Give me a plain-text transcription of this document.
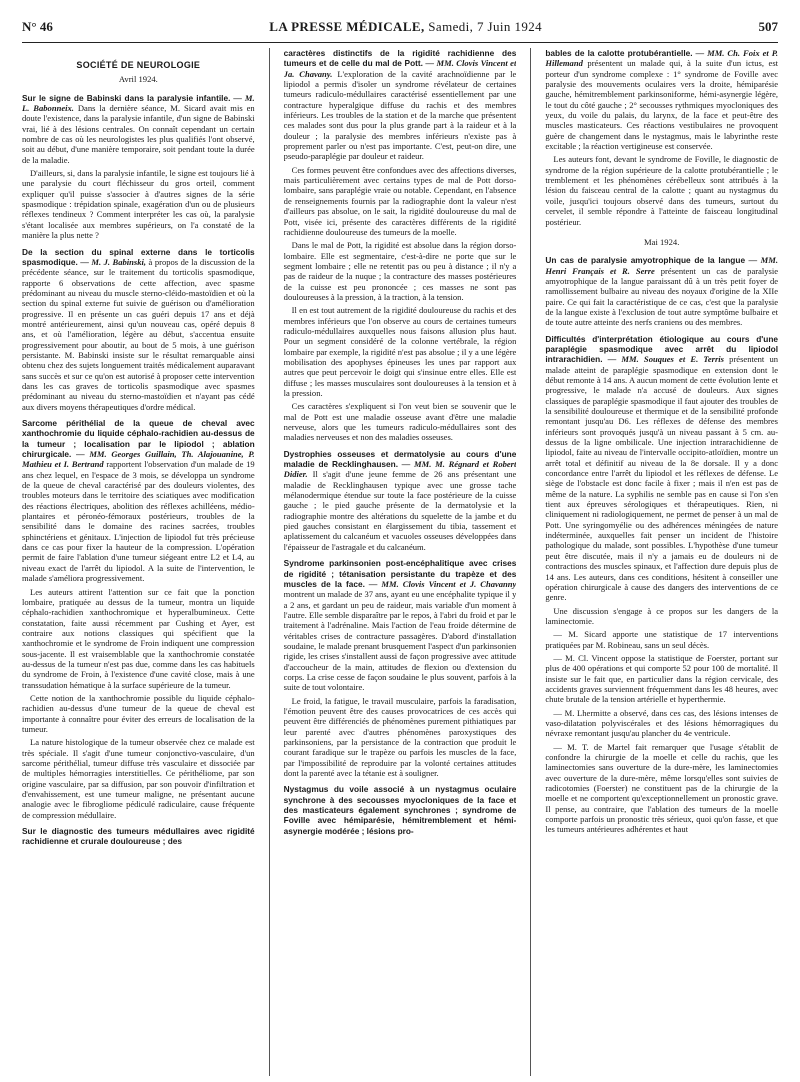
N° 46	LA PRESSE MÉDICALE, Samedi, 7 Juin 1924	507
SOCIÉTÉ DE NEUROLOGIE
Avril 1924.

Sur le signe de Babinski dans la paralysie infantile. — M. L. Babonneix. Dans la dernière séance, M. Sicard avait mis en doute l'existence, dans la paralysie infantile, d'un signe de Babinski vrai, lié à des lésions centrales. On connaît cependant un certain nombre de cas où les neurologistes les plus qualifiés l'ont observé, soit au début, d'une manière temporaire, soit pendant toute la durée de la maladie.

D'ailleurs, si, dans la paralysie infantile, le signe est toujours lié à une paralysie du court fléchisseur du gros orteil, comment expliquer qu'il puisse s'associer à d'autres signes de la série spasmodique : trépidation spinale, exagération d'un ou de plusieurs réflexes tendineux ? Comment interpréter les cas où, la paralysie s'étant localisée aux membres supérieurs, on l'a constaté de la manière la plus nette ?

De la section du spinal externe dans le torticolis spasmodique. — M. J. Babinski, à propos de la discussion de la précédente séance, sur le traitement du torticolis spasmodique, rapporte 6 observations de cette affection, avec spasme prédominant au niveau du muscle sterno-cléido-mastoïdien et où la section du spinal externe fut suivie de guérison ou d'amélioration progressive. Il en présente un cas guéri depuis 17 ans et déjà montré antérieurement, ainsi qu'un nouveau cas, opéré depuis 8 ans, et où l'amélioration, légère au début, s'accentua ensuite progressivement pour aboutir, au bout de 5 mois, à une guérison persistante. M. Babinski insiste sur le résultat remarquable ainsi obtenu chez des sujets longuement traités médicalement auparavant sans succès et sur ce qu'on est autorisé à proposer cette intervention dans les cas graves de torticolis spasmodique avec spasmes prédominant au niveau du sterno-mastoïdien et n'ayant pas cédé aux divers moyens thérapeutiques d'ordre médical.

Sarcome périthélial de la queue de cheval avec xanthochromie du liquide céphalo-rachidien au-dessus de la tumeur ; localisation par le lipiodol ; ablation chirurgicale. — MM. Georges Guillain, Th. Alajouanine, P. Mathieu et I. Bertrand rapportent l'observation d'un malade de 19 ans chez lequel, en l'espace de 3 mois, se développa un syndrome de la queue de cheval caractérisé par des douleurs violentes, des troubles moteurs dans le territoire des sciatiques avec modification des réactions électriques, abolition des réflexes achilléens, médio-plantaires et péronéo-fémoraux postérieurs, troubles de la sensibilité dans le domaine des racines sacrées, troubles sphinctériens et génitaux. L'injection de lipiodol fut très précieuse dans ce cas pour fixer la hauteur de la compression. L'opération permit de faire l'ablation d'une tumeur siégeant entre L2 et L4, au niveau exact de l'arrêt du lipiodol. A la suite de l'intervention, le malade s'améliora progressivement.

Les auteurs attirent l'attention sur ce fait que la ponction lombaire, pratiquée au dessus de la tumeur, montra un liquide céphalo-rachidien xanthochromique et hyperalbumineux. Cette constatation, faite aussi récemment par Cushing et Ayer, est contraire aux notions classiques qui spécifient que la xanthochromie et le syndrome de Froin indiquent une compression sous-jacente. Il est vraisemblable que la xanthochromie constatée au-dessus de la tumeur n'est pas due, comme dans les cas habituels du syndrome de Froin, à l'existence d'une cavité close, mais à une transsudation hématique à la surface supérieure de la tumeur.

Cette notion de la xanthochromie possible du liquide céphalo-rachidien au-dessus d'une tumeur de la queue de cheval est importante à connaître pour éviter des erreurs de localisation de la tumeur.

La nature histologique de la tumeur observée chez ce malade est très spéciale. Il s'agit d'une tumeur conjonctivo-vasculaire, d'un sarcome périthélial, tumeur diffuse très vasculaire et dissociée par de multiples hémorragies interstitielles. Ce périthéliome, par son origine vasculaire, par sa diffusion, par son pouvoir d'infiltration et d'envahissement, est une tumeur maligne, ne présentant aucune analogie avec le fibrogliome pédiculé radiculaire, cause fréquente de compression médullaire.

Sur le diagnostic des tumeurs médullaires avec rigidité rachidienne et crurale douloureuse ; des

caractères distinctifs de la rigidité rachidienne des tumeurs et de celle du mal de Pott. — MM. Clovis Vincent et Ja. Chavany. L'exploration de la cavité arachnoïdienne par le lipiodol a permis d'isoler un syndrome révélateur de certaines tumeurs radiculo-médullaires caractérisé essentiellement par une contracture hyperalgique diffuse du rachis et des membres inférieurs. Les troubles de la station et de la marche que présentent ces malades sont dus pour la plus grande part à la raideur et à la douleur ; la paralysie des membres inférieurs n'existe pas à proprement parler ou n'est pas importante. C'est, peut-on dire, une pseudo-paraplégie par douleur et raideur.

Ces formes peuvent être confondues avec des affections diverses, mais particulièrement avec certains types de mal de Pott dorso-lombaire, sans paraplégie vraie ou notable. Cependant, en l'absence de renseignements fournis par la radiographie dont la valeur n'est d'ailleurs pas absolue, on le sait, la rigidité douloureuse du mal de Pott, visée ici, présente des caractères différents de la rigidité rachidienne douloureuse des tumeurs de la moelle.

Dans le mal de Pott, la rigidité est absolue dans la région dorso-lombaire. Elle est segmentaire, c'est-à-dire ne porte que sur le segment lombaire ; elle ne retentit pas ou peu à distance ; il n'y a pas de raideur de la nuque ; la contracture des masses postérieures de la cuisse est peu prononcée ; ces masses ne sont pas douloureuses à la pression, à la traction, à la tension.

Il en est tout autrement de la rigidité douloureuse du rachis et des membres inférieurs que l'on observe au cours de certaines tumeurs radiculo-médullaires auxquelles nous faisons allusion plus haut. Pour un segment considéré de la colonne vertébrale, la région lombaire par exemple, la rigidité n'est pas absolue ; il y a une légère mobilisation des apophyses épineuses les unes par rapport aux autres que peut percevoir le doigt qui s'insinue entre elles. Elle est diffuse ; les masses musculaires sont douloureuses à la tension et à la pression.

Ces caractères s'expliquent si l'on veut bien se souvenir que le mal de Pott est une maladie osseuse avant d'être une maladie nerveuse, alors que les tumeurs radiculo-médullaires sont des maladies nerveuses et non des maladies osseuses.

Dystrophies osseuses et dermatolysie au cours d'une maladie de Recklinghausen. — MM. M. Régnard et Robert Didier. Il s'agit d'une jeune femme de 26 ans présentant une maladie de Recklinghausen typique avec une grosse tache mélanodermique étendue sur toute la face postérieure de la cuisse gauche ; le pied gauche présente de la dermatolysie et la radiographie montre des altérations du squelette de la jambe et du pied gauches consistant en élargissement du tibia, tassement et aplatissement du calcanéum et vacuoles osseuses développées dans l'épaisseur de l'astragale et du calcanéum.

Syndrome parkinsonien post-encéphalitique avec crises de rigidité ; tétanisation persistante du trapèze et des muscles de la face. — MM. Clovis Vincent et J. Chavanny montrent un malade de 37 ans, ayant eu une encéphalite typique il y a 2 ans, et gardant un peu de raideur, mais variable d'un moment à l'autre. Elle semble disparaître par le repos, à l'abri du froid et par le traitement à l'adrénaline. Mais l'action de l'eau froide détermine de véritables crises de contracture passagères. D'abord d'installation soudaine, le malade prenant brusquement l'aspect d'un parkinsonien rigide, les crises s'installent aussi de façon progressive avec attitude d'accoucheur de la main, attitudes de flexion ou d'extension du corps. La crise cesse de façon soudaine le plus souvent, parfois à la suite de tout volontaire.

Le froid, la fatigue, le travail musculaire, parfois la faradisation, l'émotion peuvent être des causes provocatrices de ces accès qui peuvent être différenciés de phénomènes purement pithiatiques par leur parenté avec d'autres phénomènes paroxystiques des parkinsoniens, par la persistance de la contraction que produit le courant faradique sur le trapèze ou parfois les muscles de la face, par l'impossibilité de reproduire par la volonté certaines attitudes dont la parenté avec la tétanie est à souligner.

Nystagmus du voile associé à un nystagmus oculaire synchrone à des secousses myocloniques de la face et des masticateurs également synchrones ; syndrome de Foville avec hémiparésie, hémitremblement et hémi-asynergie modérée ; lésions pro-

bables de la calotte protubérantielle. — MM. Ch. Foix et P. Hillemand présentent un malade qui, à la suite d'un ictus, est porteur d'un syndrome complexe : 1° syndrome de Foville avec paralysie des mouvements oculaires vers la droite, hémiparésie gauche, hémitremblement parkinsoniforme, hémi-asynergie légère, le tout du côté gauche ; 2° secousses rythmiques myocloniques des yeux, du voile du palais, du larynx, de la face et peut-être des muscles masticateurs. Ces réactions vestibulaires ne provoquent guère de changement dans le nystagmus, mais le labyrinthe reste excitable ; la réaction vertigineuse est conservée.

Les auteurs font, devant le syndrome de Foville, le diagnostic de syndrome de la région supérieure de la calotte protubérantielle ; le tremblement et les phénomènes cérébelleux sont attribués à la lésion du faisceau central de la calotte ; quant au nystagmus du voile, jusqu'ici toujours observé dans des tumeurs, surtout du cervelet, il semble répondre à l'atteinte de faisceau longitudinal postérieur.

Mai 1924.

Un cas de paralysie amyotrophique de la langue — MM. Henri Français et R. Serre présentent un cas de paralysie amyotrophique de la langue paraissant dû à un très petit foyer de ramollissement bulbaire au niveau des noyaux d'origine de la XIIe paire. Ce qui fait la caractéristique de ce cas, c'est que la paralysie de la langue existe à l'exclusion de tout autre symptôme bulbaire et de toute autre atteinte des nerfs craniens ou des membres.

Difficultés d'interprétation étiologique au cours d'une paraplégie spasmodique avec arrêt du lipiodol intrarachidien. — MM. Souques et E. Terris présentent un malade atteint de paraplégie spasmodique en extension dont le début remonte à 14 ans. A aucun moment de cette évolution lente et progressive, le malade n'a accusé de douleurs. Aux signes classiques de paraplégie spasmodique il faut ajouter des troubles de la sensibilité douloureuse et thermique et de la sensibilité profonde remontant jusqu'au D6. Les réflexes de défense des membres inférieurs sont provoqués jusqu'à un niveau passant à 5 cm. au-dessus de la ligne ombilicale. Une injection intrarachidienne de lipiodol, faite au niveau de l'intervalle occipito-atloïdien, montre un arrêt total et définitif au niveau de la 8e dorsale. Il y a donc concordance entre l'arrêt du lipiodol et les réflexes de défense. Le siège de l'obstacle est donc facile à fixer ; mais il n'en est pas de même de la nature. La syphilis ne semble pas en cause si l'on s'en tient aux épreuves sérologiques et thérapeutiques. Rien, ni cliniquement ni radiologiquement, ne permet de penser à un mal de Pott. Une syringomyélie ou des adhérences méningées de nature indéterminée, auxquelles fait penser un incident de l'histoire pathologique du malade, sont possibles. L'hypothèse d'une tumeur peut être discutée, mais il n'y a jamais eu de douleurs ni de contractions des muscles spinaux, et l'affection dure depuis plus de 14 ans. Les auteurs, dans ces conditions, hésitent à conseiller une opération chirurgicale à cause des dangers des interventions de ce genre.

Une discussion s'engage à ce propos sur les dangers de la laminectomie.

— M. Sicard apporte une statistique de 17 interventions pratiquées par M. Robineau, sans un seul décès.

— M. Cl. Vincent oppose la statistique de Foerster, portant sur plus de 400 opérations et qui comporte 52 pour 100 de mortalité. Il insiste sur le fait que, en particulier dans la région cervicale, des accidents graves surviennent fréquemment dans les 48 heures, avec chute brutale de la tension artérielle et hyperthermie.

— M. Lhermitte a observé, dans ces cas, des lésions intenses de vaso-dilatation polyviscérales et des lésions hémorragiques du névraxe remontant jusqu'au plancher du 4e ventricule.

— M. T. de Martel fait remarquer que l'usage s'établit de confondre la chirurgie de la moelle et celle du rachis, que les laminectomies sans ouverture de la dure-mère, les laminectomies avec ouverture de la dure-mère, même lorsqu'elles sont suivies de radicotomies (Foerster) ne constituent pas de la chirurgie de la moelle et ne comportent qu'exceptionnellement un pronostic grave. Il pense, au contraire, que l'ablation des tumeurs de la moelle comporte parfois un pronostic très sérieux, quoi qu'on fasse, et que les tumeurs antérieures adhérentes et haut
